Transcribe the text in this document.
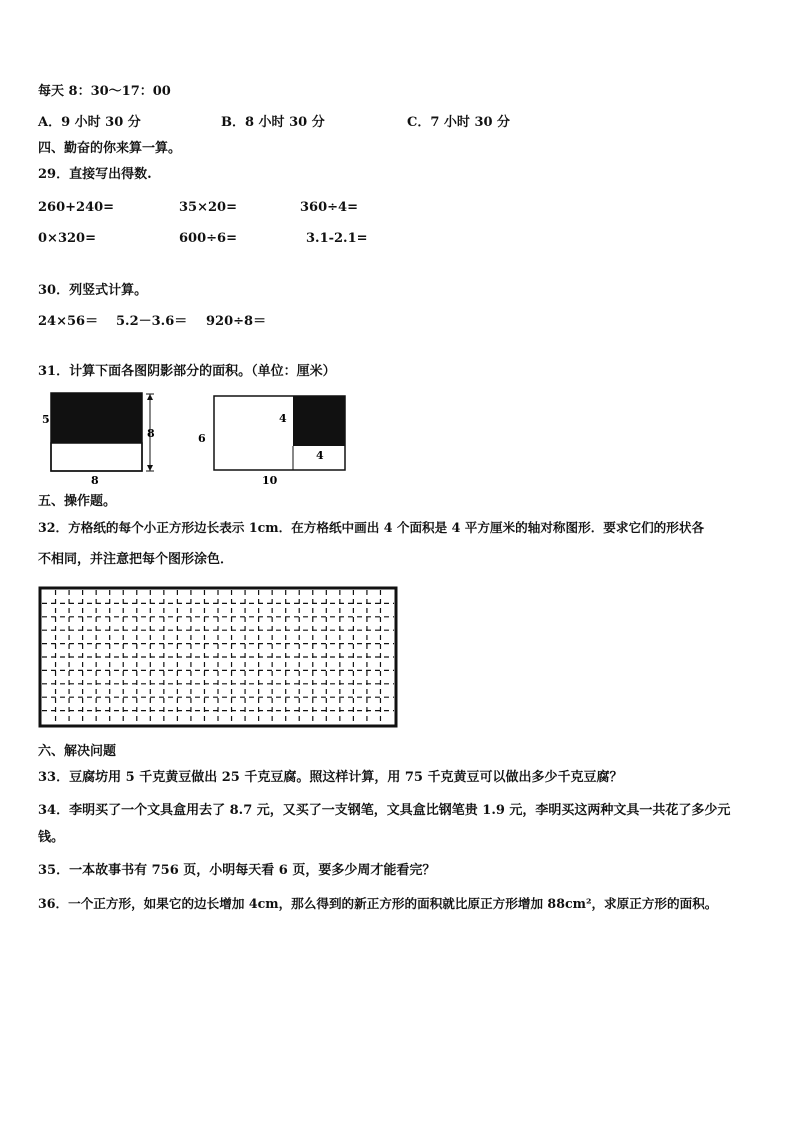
每天 8：30～17：00
A．9 小时 30 分	B．8 小时 30 分	C．7 小时 30 分
四、勤奋的你来算一算。
29．直接写出得数.
260+240=	35×20=	360÷4=
0×320=	600÷6=	3.1-2.1=
30．列竖式计算。
24×56＝ 5.2－3.6＝ 920÷8＝
31．计算下面各图阴影部分的面积。（单位：厘米）
5
8
8
6
4
4
10
五、操作题。
32．方格纸的每个小正方形边长表示 1cm．在方格纸中画出 4 个面积是 4 平方厘米的轴对称图形．要求它们的形状各
不相同，并注意把每个图形涂色．
六、解决问题
33．豆腐坊用 5 千克黄豆做出 25 千克豆腐。照这样计算，用 75 千克黄豆可以做出多少千克豆腐？
34．李明买了一个文具盒用去了 8.7 元，又买了一支钢笔，文具盒比钢笔贵 1.9 元，李明买这两种文具一共花了多少元
钱。
35．一本故事书有 756 页，小明每天看 6 页，要多少周才能看完？
36．一个正方形，如果它的边长增加 4cm，那么得到的新正方形的面积就比原正方形增加 88cm²，求原正方形的面积。
